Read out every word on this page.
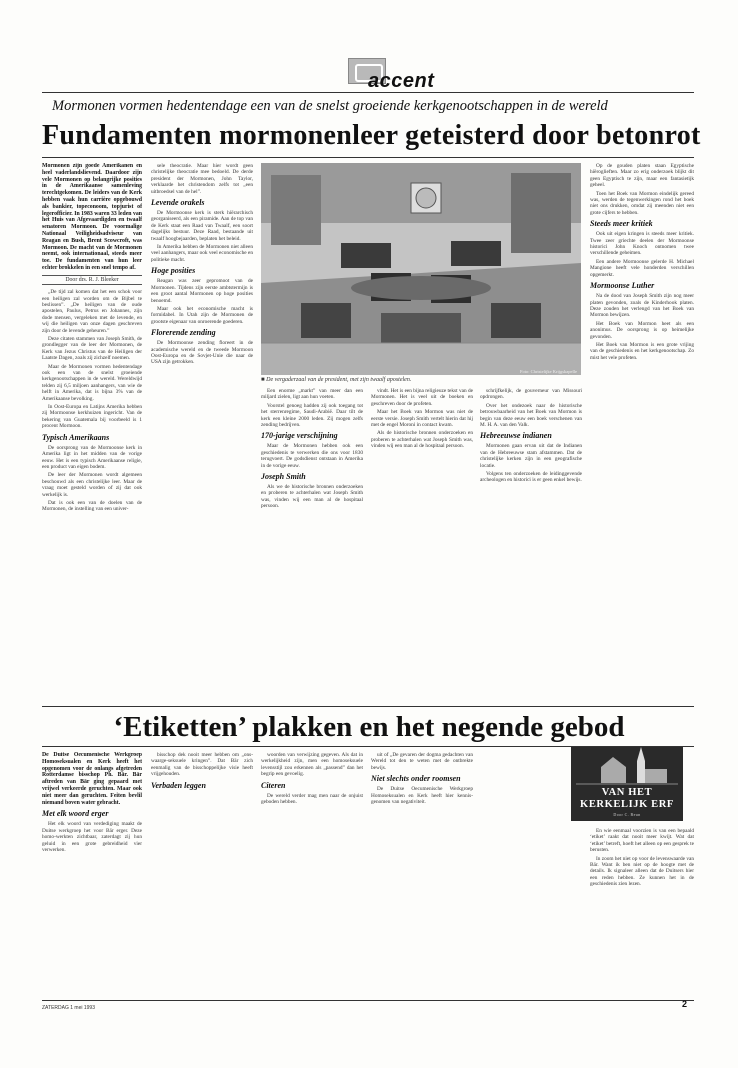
accent
Mormonen vormen hedentendage een van de snelst groeiende kerkgenootschappen in de wereld
Fundamenten mormonenleer geteisterd door betonrot

Mormonen zijn goede Amerikanen en heel vaderlandslievend. Daardoor zijn vele Mormonen op belangrijke posities in de Amerikaanse samenleving terechtgekomen. De leiders van de Kerk hebben vaak hun carrière opgebouwd als bankier, topeconoom, topjurist of legerofficier. In 1983 waren 33 leden van het Huis van Afgevaardigden en twaalf senatoren Mormoon. De voormalige Nationaal Veiligheidsadviseur van Reagan en Bush, Brent Scowcroft, was Mormoon. De macht van de Mormonen neemt, ook internationaal, steeds meer toe. De fundamenten van hun leer echter brokkelen in een snel tempo af.

Door drs. R. J. Bleeker

„De tijd zal komen dat het een schok voor een heiligen zal worden om de Bijbel te beslissen”. „De heiligen van de oude apostelen, Paulus, Petrus en Johannes, zijn dode mensen, vergeleken met de levende, en wij die heiligen van onze dagen geschreven zijn door de levende geheuren.”

Deze citaten stammen van Joseph Smith, de grondlegger van de leer der Mormonen, de Kerk van Jezus Christus van de Heiligen der Laatste Dagen, zoals zij zichzelf noemen.

Maar de Mormonen vormen hedentendage ook een van de snelst groeiende kerkgenootschappen in de wereld. Wereldwijd telden zij 6,5 miljoen aanhangers, van wie de helft in Amerika, dat is bijna 3% van de Amerikaanse bevolking.

In Oost-Europa en Latijns Amerika hebben zij Mormoonse kerkhuizen ingericht. Van de bekering van Guatemala bij voorbeeld is 1 procent Mormoon.

Typisch Amerikaans

De oorsprong van de Mormoonse kerk in Amerika ligt in het midden van de vorige eeuw. Het is een typisch Amerikaanse religie, een product van eigen bodem.

De leer der Mormonen wordt algemeen beschouwd als een christelijke leer. Maar de vraag moet gesteld worden of zij dat ook werkelijk is.

Dat is ook een van de doelen van de Mormonen, de instelling van een univer-

sele theocratie. Maar hier wordt geen christelijke theocratie mee bedoeld. De derde president der Mormonen, John Taylor, verklaarde het christendom zelfs tot „een uitbroedsel van de hel”.

Levende orakels

De Mormoonse kerk is sterk hiërarchisch georganiseerd, als een piramide. Aan de top van de Kerk staat een Raad van Twaalf, een soort dagelijks bestuur. Deze Raad, bestaande uit twaalf hoogbejaarden, beplaten het beleid.

In Amerika hebben de Mormonen niet alleen veel aanhangers, maar ook veel economische en politieke macht.

Hoge posities

Reagan was zeer gepromoot van de Mormonen. Tijdens zijn eerste ambtstermijn is een groot aantal Mormonen op hoge posities benoemd.

Maar ook het economische macht is formidabel. In Utah zijn de Mormonen de grootste eigenaar van onroerende goederen.

Florerende zending

De Mormoonse zending floreert in de academische wereld en de tweede Mormoon Oost-Europa en de Sovjet-Unie die naar de USA zijn getrokken.

Foto: Christelijke Krijgskapelle
■ De vergaderzaal van de president, met zijn twaalf apostelen.

Een enorme „markt” van meer dan een miljard zielen, ligt aan hun voeten.

Voorstel genoeg hadden zij ook toegang tot het sterrenregime, Saudi-Arabië. Daar tilt de kerk een kleine 2000 leden. Zij mogen zelfs zending bedrijven.

170-jarige verschijning

Maar de Mormonen hebben ook een geschiedenis te verwerken die ons voor 1830 terugvoert. De godsdienst ontstaan in Amerika in de vorige eeuw.

Joseph Smith

Als we de historische bronnen onderzoeken en proberen te achterhalen wat Joseph Smith was, vinden wij een man al de hospitaal persoon.

vindt. Het is een bijna religieuze tekst van de Mormonen. Het is veel uit de boeken en geschreven door de profeten.

Maar het Boek van Mormon was niet de eerste versie. Joseph Smith vertelt hierin dat hij met de engel Moroni in contact kwam.

Als de historische bronnen onderzoeken en proberen te achterhalen wat Joseph Smith was, vinden wij een man al de hospitaal persoon.

schrijfkelijk, de gouverneur van Missouri opdrongen.

Over het ondezoek naar de historische betrouwbaarheid van het Boek van Mormon is begin van deze eeuw een boek verschenen van M. H. A. van den Valk.

Hebreeuwse indianen

Mormonen gaan ervan uit dat de Indianen van de Hebreeuwse stam afstammen. Dat de christelijke kerken zijn in een geografische locatie.

Volgens ten onderzoeken de leidinggevende archeologen en historici is er geen enkel bewijs.

Op de gouden platen staan Egyptische hiëroglieften. Maar zo erig onderzoek blijkt dit geen Egyptisch te zijn, maar een fantasietijk geheel.

Toen het Boek van Mormon eindelijk gereed was, werden de tegenwerkingen rond het boek niet ons drukken, omdat zij meenden niet een grote cijfers te hebben.

Steeds meer kritiek

Ook uit eigen kringen is steeds meer kritiek. Twee zeer griechte deelen der Mormoonse historici John Knoch ontnomen twee verschillende geheimen.

Een andere Mormoonse gelerde H. Michael Mangione heeft vele honderden verschillen opgemerkt.

Mormoonse Luther

Na de dood van Joseph Smith zijn nog meer platen gevonden, zoals de Kinderhook platen. Deze zouden het verlengd van het Boek van Mormon bewijzen.

Het Boek van Mormon heet als een anonimus. De oorsprong is op heimelijke gevonden.

Het Boek van Mormon is een grote vrijing van de geschiedenis en het kerkgenootschap. Zo mist het vele profeten.

‘Etiketten’ plakken en het negende gebod

De Duitse Oecumenische Werkgroep Homoseksualen en Kerk heeft het opgenomen voor de onlangs afgetreden Rotterdamse bisschop Ph. Bär. Bär aftreden van Bär ging gepaard met vrijwel verkeerde geruchten. Maar ook niet meer dan geruchten. Feiten bevlil niemand boven water gebracht.

Met elk woord erger

Het elk woord van verdediging maakt de Duitse werkgroep het voor Bär erger. Deze homo-werkten zichtbaar, zaterdagt zij hun geluid in een grote gebreidheid vier verwerken.

bisschop dek nooit meer hebben om „ons-waarge-seksuele kringen”. Dat Bär zich eenmalig van de bisschoppelijke visie heeft vrijgehouden.

Verbaden leggen

woorden van verwijzing gegeven. Als dat in werkelijkheid zijn, men een homoseksuele levensstijl zou erkennen als „passend” dan het begrip een gevoelig.

Citeren

De wereld verder mag men naar de onjuist geboden hebben.

uit of „De gevaren der dogma gedachten van Wereld tot den te weten met de ontbrekte bewijs.

Niet slechts onder roomsen

De Duitse Oecumenische Werkgroep Homoseksualen en Kerk heeft hier kennis-genomen van negativiteit.

VAN HET
KERKELIJK ERF
Door C. Beun

En wie eenmaal voorzien is van een bepaald ‘etiket’ raakt dat nooit meer kwijt. Wat dat ‘etiket’ betreft, hoeft het alleen op een gesprek te berusten.

In zoom het niet op voor de levenswaarde van Bär. Want ik ben niet op de hoogte met de details. Ik signaleer alleen dat de Duitsers hier een reden hebben. Ze kunnen het in de geschiedenis zien lezen.

ZATERDAG 1 mei 1993	2
